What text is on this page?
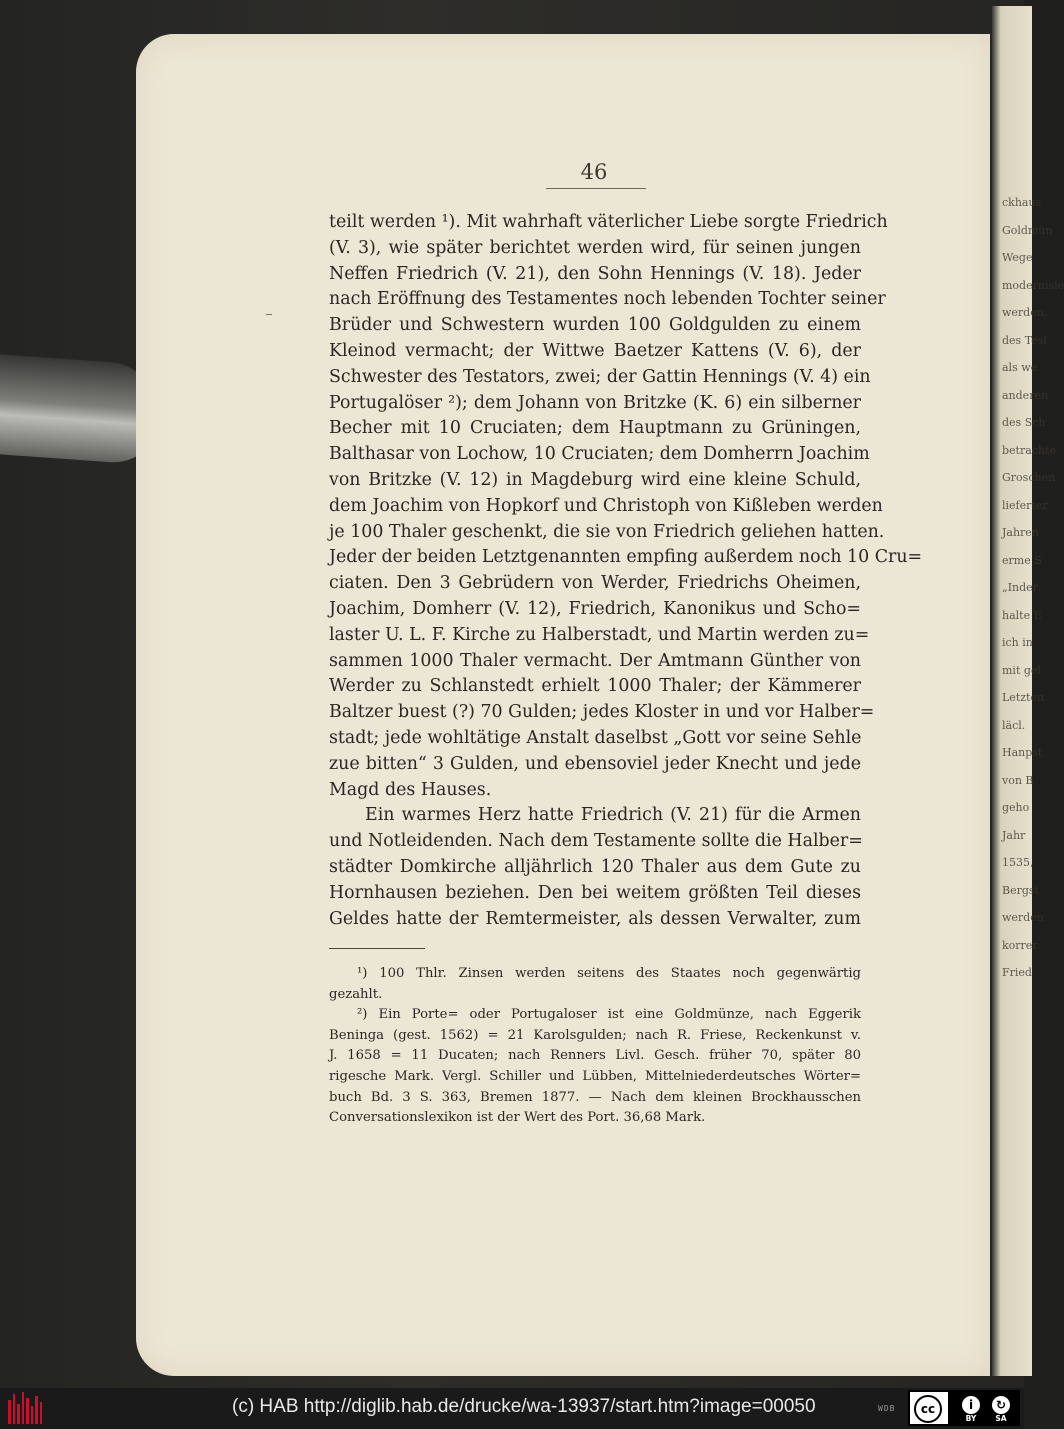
ckhaus
Goldmün
Wege
modernisie
werden.
des Tesl
als we
anderen
des Sch
betrachte
Groschen
lieferter
Jahren
erme S
„Inder
halte E
ich in
mit gel
Letzten
läcl.
Hanpst
von B
geho
Jahr
1535,
Bergst
werden
korrer
Fried
46
teilt werden ¹). Mit wahrhaft väterlicher Liebe sorgte Friedrich
(V. 3), wie später berichtet werden wird, für seinen jungen
Neffen Friedrich (V. 21), den Sohn Hennings (V. 18). Jeder
nach Eröffnung des Testamentes noch lebenden Tochter seiner
Brüder und Schwestern wurden 100 Goldgulden zu einem
Kleinod vermacht; der Wittwe Baetzer Kattens (V. 6), der
Schwester des Testators, zwei; der Gattin Hennings (V. 4) ein
Portugalöser ²); dem Johann von Britzke (K. 6) ein silberner
Becher mit 10 Cruciaten; dem Hauptmann zu Grüningen,
Balthasar von Lochow, 10 Cruciaten; dem Domherrn Joachim
von Britzke (V. 12) in Magdeburg wird eine kleine Schuld,
dem Joachim von Hopkorf und Christoph von Kißleben werden
je 100 Thaler geschenkt, die sie von Friedrich geliehen hatten.
Jeder der beiden Letztgenannten empfing außerdem noch 10 Cru=
ciaten. Den 3 Gebrüdern von Werder, Friedrichs Oheimen,
Joachim, Domherr (V. 12), Friedrich, Kanonikus und Scho=
laster U. L. F. Kirche zu Halberstadt, und Martin werden zu=
sammen 1000 Thaler vermacht. Der Amtmann Günther von
Werder zu Schlanstedt erhielt 1000 Thaler; der Kämmerer
Baltzer buest (?) 70 Gulden; jedes Kloster in und vor Halber=
stadt; jede wohltätige Anstalt daselbst „Gott vor seine Sehle
zue bitten“ 3 Gulden, und ebensoviel jeder Knecht und jede
Magd des Hauses.
Ein warmes Herz hatte Friedrich (V. 21) für die Armen
und Notleidenden. Nach dem Testamente sollte die Halber=
städter Domkirche alljährlich 120 Thaler aus dem Gute zu
Hornhausen beziehen. Den bei weitem größten Teil dieses
Geldes hatte der Remtermeister, als dessen Verwalter, zum
¹) 100 Thlr. Zinsen werden seitens des Staates noch gegenwärtig
gezahlt.
²) Ein Porte= oder Portugaloser ist eine Goldmünze, nach Eggerik
Beninga (gest. 1562) = 21 Karolsgulden; nach R. Friese, Reckenkunst v.
J. 1658 = 11 Ducaten; nach Renners Livl. Gesch. früher 70, später 80
rigesche Mark. Vergl. Schiller und Lübben, Mittelniederdeutsches Wörter=
buch Bd. 3 S. 363, Bremen 1877. — Nach dem kleinen Brockhausschen
Conversationslexikon ist der Wert des Port. 36,68 Mark.
(c) HAB http://diglib.hab.de/drucke/wa-13937/start.htm?image=00050	WDB	cc	i	↻
BY	SA
